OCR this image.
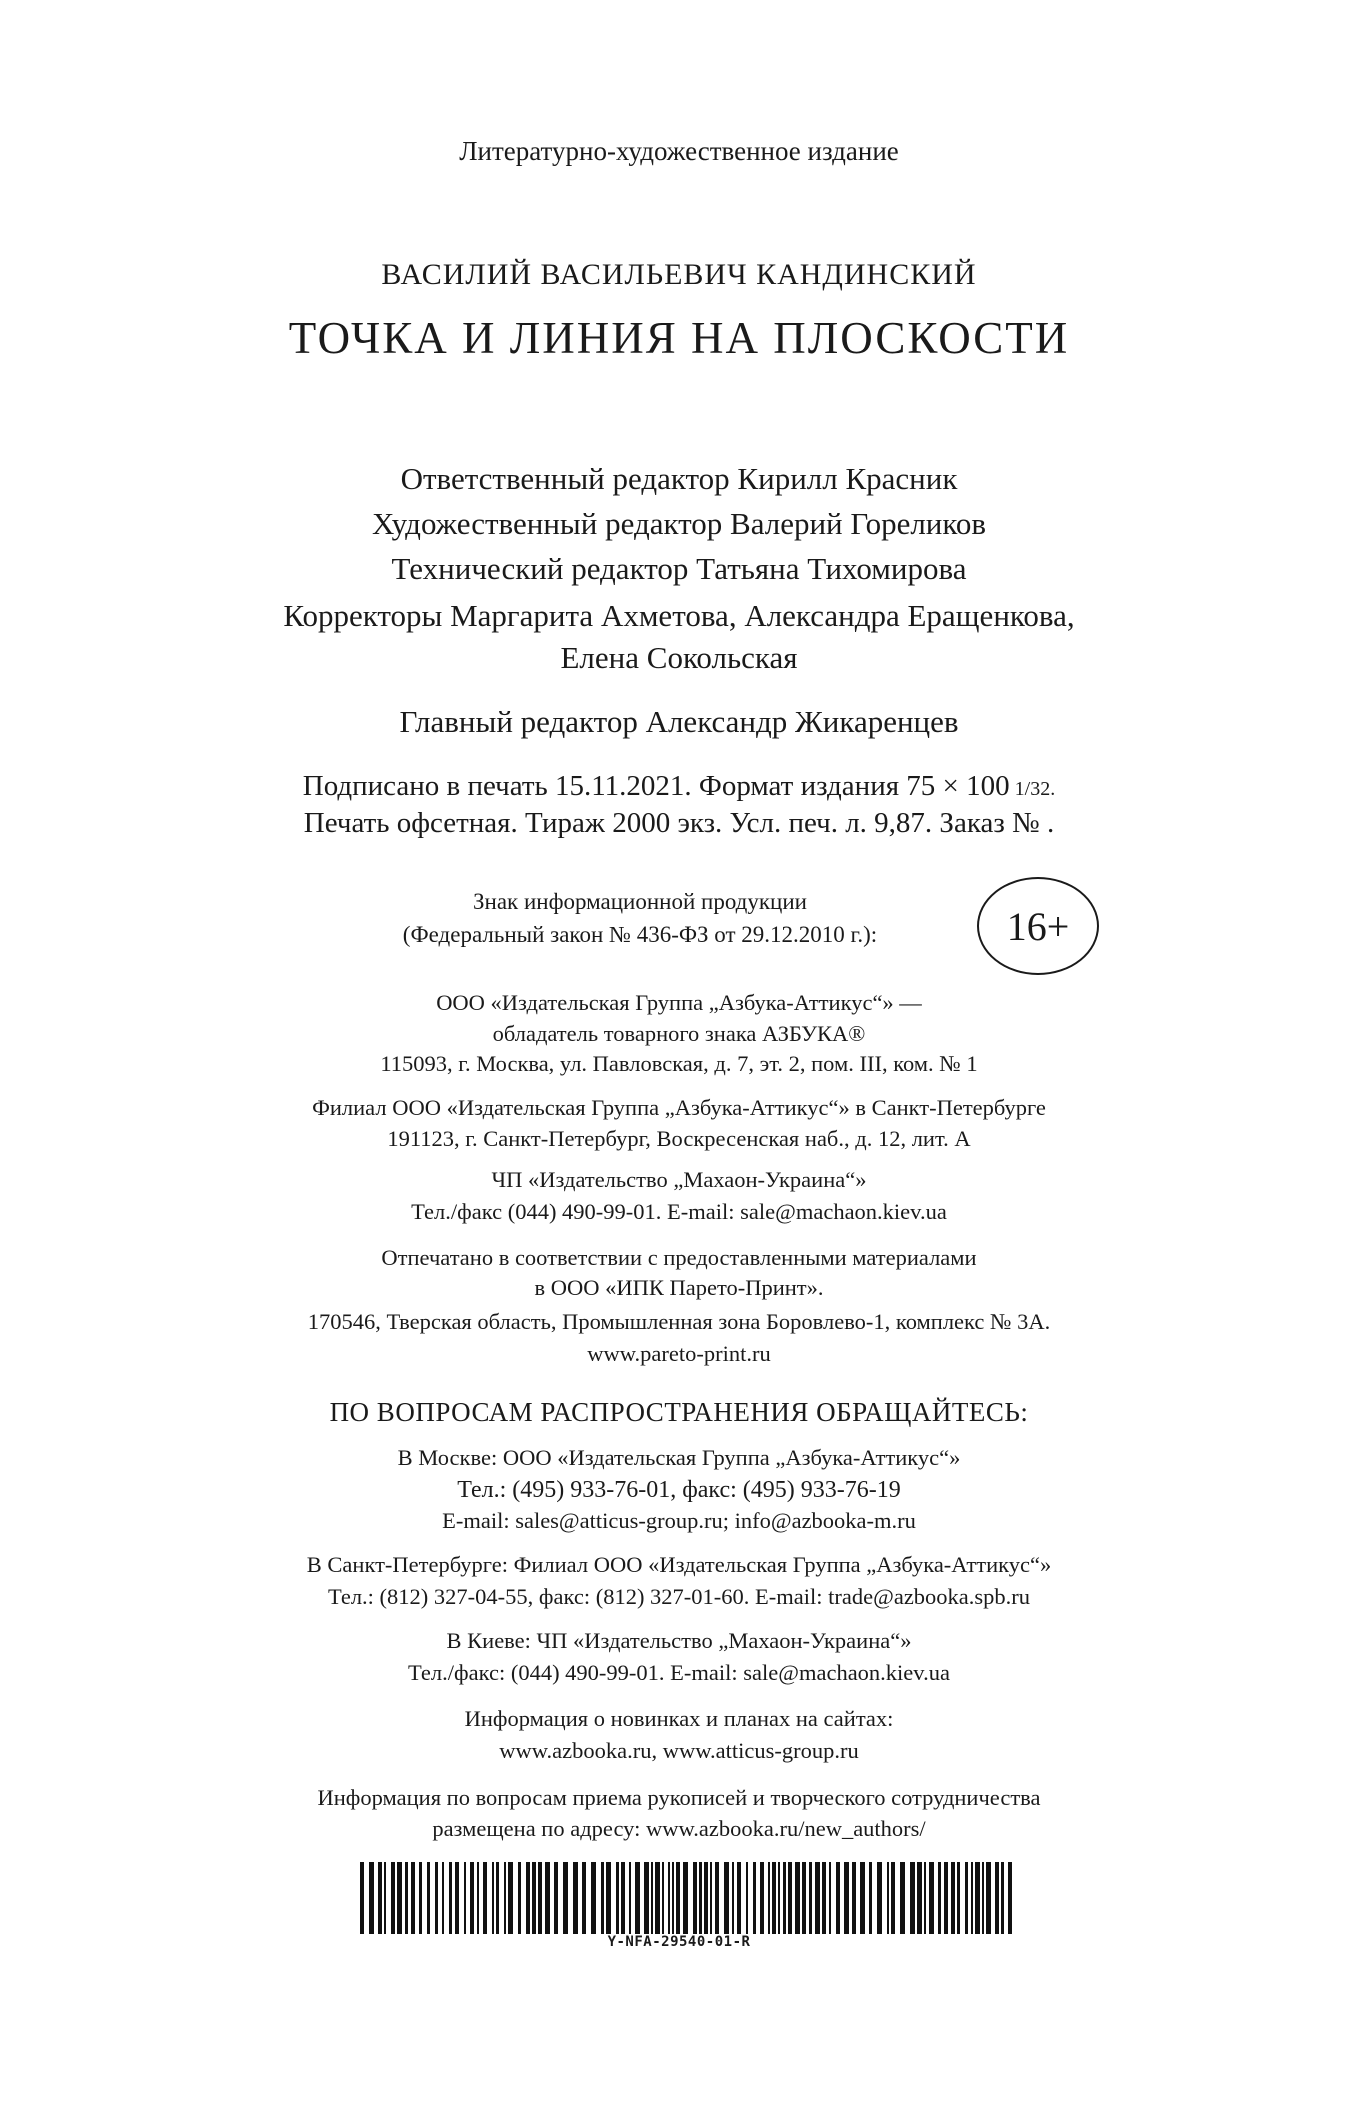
Литературно-художественное издание
ВАСИЛИЙ ВАСИЛЬЕВИЧ КАНДИНСКИЙ
ТОЧКА И ЛИНИЯ НА ПЛОСКОСТИ
Ответственный редактор Кирилл Красник
Художественный редактор Валерий Гореликов
Технический редактор Татьяна Тихомирова
Корректоры Маргарита Ахметова, Александра Еращенкова,
Елена Сокольская
Главный редактор Александр Жикаренцев
Подписано в печать 15.11.2021. Формат издания 75 × 100 1/32.
Печать офсетная. Тираж 2000 экз. Усл. печ. л. 9,87. Заказ № .
Знак информационной продукции
(Федеральный закон № 436-ФЗ от 29.12.2010 г.):	16+
ООО «Издательская Группа „Азбука-Аттикус“» —
обладатель товарного знака АЗБУКА®
115093, г. Москва, ул. Павловская, д. 7, эт. 2, пом. III, ком. № 1
Филиал ООО «Издательская Группа „Азбука-Аттикус“» в Санкт-Петербурге
191123, г. Санкт-Петербург, Воскресенская наб., д. 12, лит. А
ЧП «Издательство „Махаон-Украина“»
Тел./факс (044) 490-99-01. E-mail: sale@machaon.kiev.ua
Отпечатано в соответствии с предоставленными материалами
в ООО «ИПК Парето-Принт».
170546, Тверская область, Промышленная зона Боровлево-1, комплекс № 3А.
www.pareto-print.ru
ПО ВОПРОСАМ РАСПРОСТРАНЕНИЯ ОБРАЩАЙТЕСЬ:
В Москве: ООО «Издательская Группа „Азбука-Аттикус“»
Тел.: (495) 933-76-01, факс: (495) 933-76-19
E-mail: sales@atticus-group.ru; info@azbooka-m.ru
В Санкт-Петербурге: Филиал ООО «Издательская Группа „Азбука-Аттикус“»
Тел.: (812) 327-04-55, факс: (812) 327-01-60. E-mail: trade@azbooka.spb.ru
В Киеве: ЧП «Издательство „Махаон-Украина“»
Тел./факс: (044) 490-99-01. E-mail: sale@machaon.kiev.ua
Информация о новинках и планах на сайтах:
www.azbooka.ru, www.atticus-group.ru
Информация по вопросам приема рукописей и творческого сотрудничества
размещена по адресу: www.azbooka.ru/new_authors/
Y-NFA-29540-01-R
